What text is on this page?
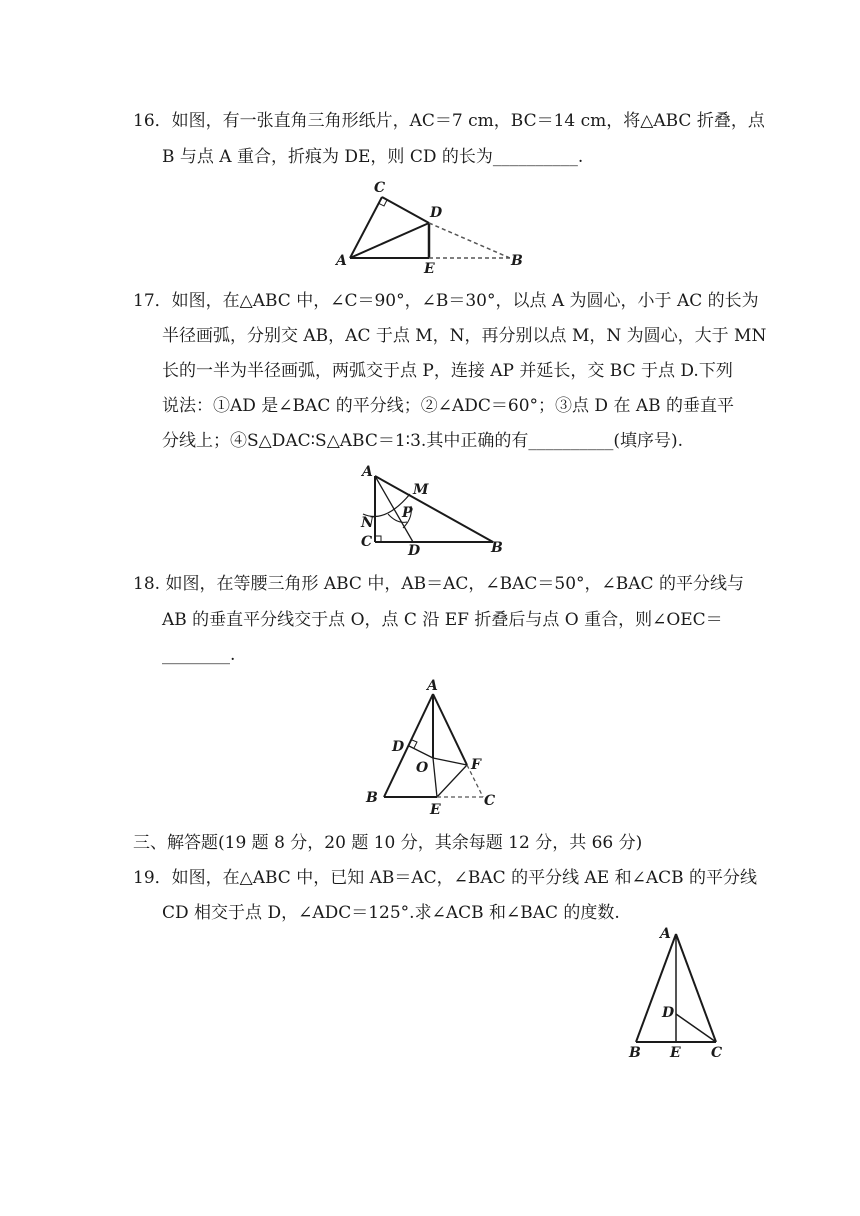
16．如图，有一张直角三角形纸片，AC＝7 cm，BC＝14 cm，将△ABC 折叠，点
B 与点 A 重合，折痕为 DE，则 CD 的长为__________.
C
D
A	E	B
17．如图，在△ABC 中，∠C＝90°，∠B＝30°，以点 A 为圆心，小于 AC 的长为
半径画弧，分别交 AB，AC 于点 M，N，再分别以点 M，N 为圆心，大于 MN
长的一半为半径画弧，两弧交于点 P，连接 AP 并延长，交 BC 于点 D.下列
说法：①AD 是∠BAC 的平分线；②∠ADC＝60°；③点 D 在 AB 的垂直平
分线上；④S△DAC∶S△ABC＝1∶3.其中正确的有__________(填序号).
A
M
P
N
C
D	B
18. 如图，在等腰三角形 ABC 中，AB＝AC，∠BAC＝50°，∠BAC 的平分线与
AB 的垂直平分线交于点 O，点 C 沿 EF 折叠后与点 O 重合，则∠OEC＝
________.
A
D
O	F
B
E
C
三、解答题(19 题 8 分，20 题 10 分，其余每题 12 分，共 66 分)
19．如图，在△ABC 中，已知 AB＝AC，∠BAC 的平分线 AE 和∠ACB 的平分线
CD 相交于点 D，∠ADC＝125°.求∠ACB 和∠BAC 的度数.
A
D
B E C
